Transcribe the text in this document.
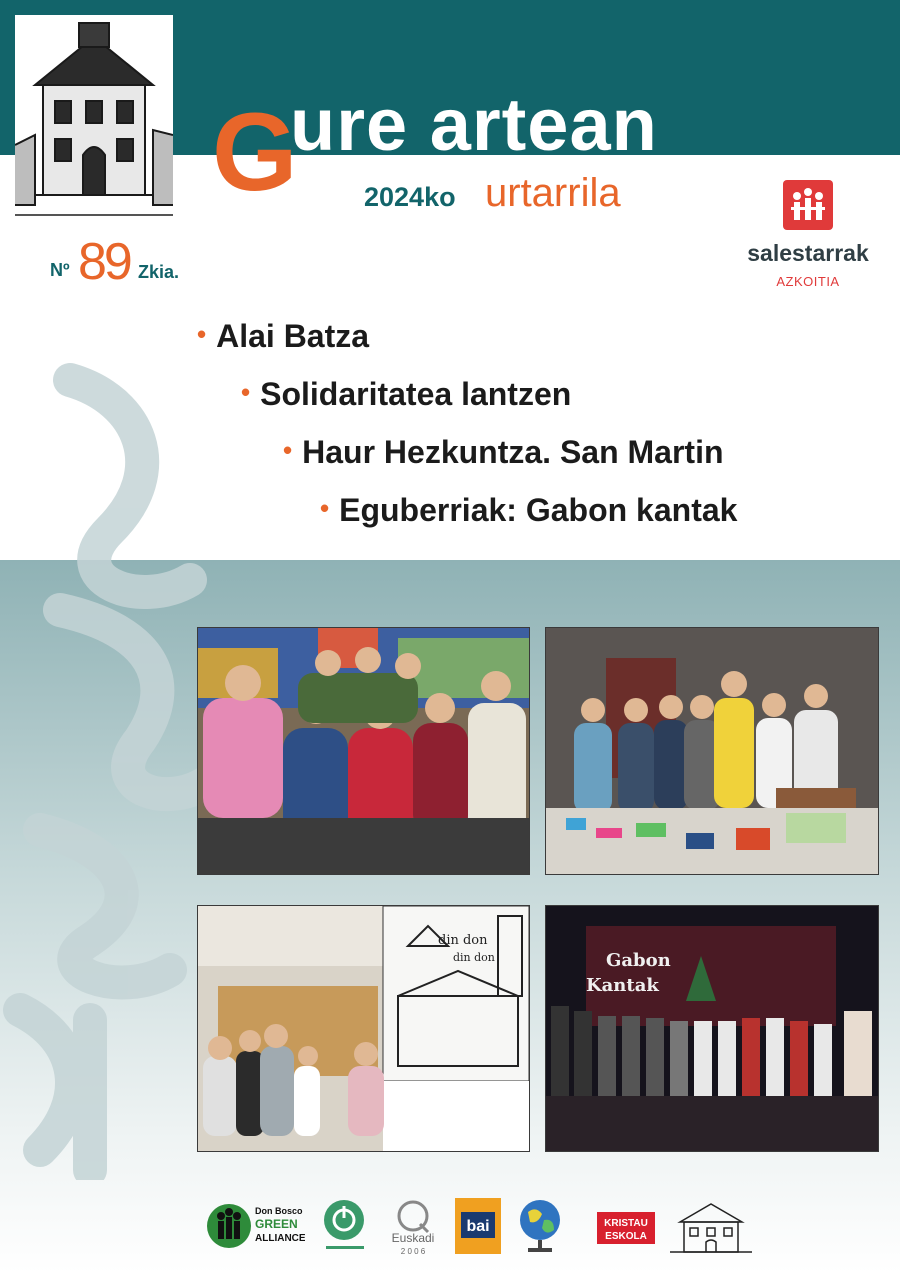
G
ure artean
2024ko urtarrila
Nº 89 Zkia.
salestarrak
AZKOITIA
• Alai Batza
• Solidaritatea lantzen
• Haur Hezkuntza. San Martin
• Eguberriak: Gabon kantak
din don
din don	Gabon
Kantak
Don Bosco
GREEN
ALLIANCE	Euskadi
2 0 0 6
bai	KRISTAU
ESKOLA
